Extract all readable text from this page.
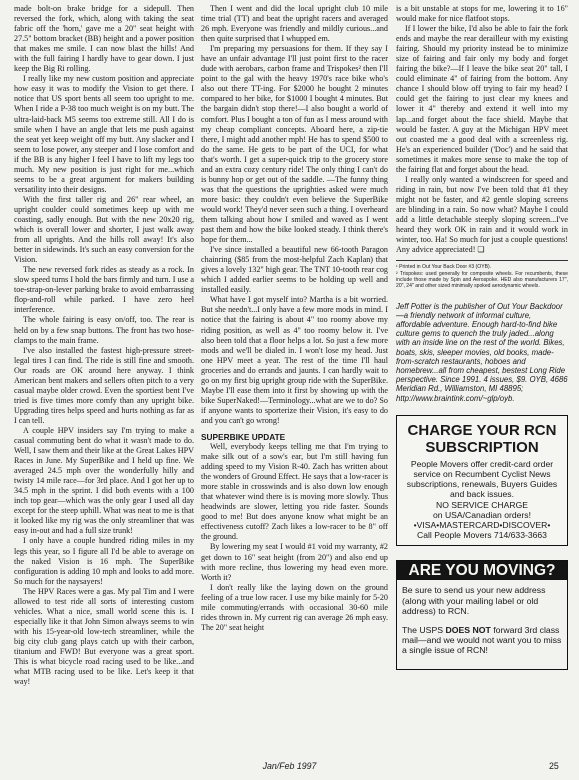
made bolt-on brake bridge for a sidepull. Then reversed the fork, which, along with taking the seat fabric off the 'horn,' gave me a 20" seat height with 27.5" bottom bracket (BB) height and a power position that makes me smile. I can now blast the hills! And with the full fairing I hardly have to gear down. I just keep the Big Ri rolling.

I really like my new custom position and appreciate how easy it was to modify the Vision to get there. I notice that US sport bents all seem too upright to me. When I ride a P-38 too much weight is on my butt. The ultra-laid-back M5 seems too extreme still. All I do is smile when I have an angle that lets me push against the seat yet keep weight off my butt. Any slacker and I seem to lose power, any steeper and I lose comfort and if the BB is any higher I feel I have to lift my legs too much. My new position is just right for me...which seems to be a great argument for makers building versatility into their designs.

With the first taller rig and 26" rear wheel, an upright coulder could sometimes keep up with me coasting, sadly enough. But with the new 20x20 rig, which is overall lower and shorter, I just walk away from all uprights. And the hills roll away! It's also better in sidewinds. It's such an easy conversion for the Vision.

The new reversed fork rides as steady as a rock. In slow speed turns I hold the bars firmly and turn. I use a toe-strap-on-lever parking brake to avoid embarrassing flop-and-roll while parked. I have zero heel interference.

The whole fairing is easy on/off, too. The rear is held on by a few snap buttons. The front has two hose-clamps to the main frame.

I've also installed the fastest high-pressure street-legal tires I can find. The ride is still fine and smooth. Our roads are OK around here anyway. I think American bent makers and sellers often pitch to a very casual maybe older crowd. Even the sportiest bent I've tried is five times more comfy than any upright bike. Upgrading tires helps speed and hurts nothing as far as I can tell.

A couple HPV insiders say I'm trying to make a casual commuting bent do what it wasn't made to do. Well, I saw them and their like at the Great Lakes HPV Races in June. My SuperBike and I held up fine. We averaged 24.5 mph over the wonderfully hilly and twisty 14 mile race—for 3rd place. And I got her up to 34.5 mph in the sprint. I did both events with a 100 inch top gear—which was the only gear I used all day except for the steep uphill. What was neat to me is that it looked like my rig was the only streamliner that was easy in-out and had a full size trunk!

I only have a couple hundred riding miles in my legs this year, so I figure all I'd be able to average on the naked Vision is 16 mph. The SuperBike configuration is adding 10 mph and looks to add more. So much for the naysayers!

The HPV Races were a gas. My pal Tim and I were allowed to test ride all sorts of interesting custom vehicles. What a nice, small world scene this is. I especially like it that John Simon always seems to win with his 15-year-old low-tech streamliner, while the big city club gang plays catch up with their carbon, titanium and FWD! But everyone was a great sport. This is what bicycle road racing used to be like...and what MTB racing used to be like. Let's keep it that way!

Then I went and did the local upright club 10 mile time trial (TT) and beat the upright racers and averaged 26 mph. Everyone was friendly and mildly curious...and then quite surprised that I whupped em.

I'm preparing my persuasions for them. If they say I have an unfair advantage I'll just point first to the racer dude with aerobars, carbon frame and Trispokes² then I'll point to the gal with the heavy 1970's race bike who's also out there TT-ing. For $2000 he bought 2 minutes compared to her bike, for $1000 I bought 4 minutes. But the bargain didn't stop there!—I also bought a world of comfort. Plus I bought a ton of fun as I mess around with my cheap compliant concepts. Aboard here, a zip-tie there, I might add another mph! He has to spend $500 to do the same. He gets to be part of the UCI, for what that's worth. I get a super-quick trip to the grocery store and an extra cozy century ride! The only thing I can't do is bunny hop or get out of the saddle. —The funny thing was that the questions the uprighties asked were much more basic: they couldn't even believe the SuperBike would work! They'd never seen such a thing. I overheard them talking about how I smiled and waved as I went past them and how the bike looked steady. I think there's hope for them...

I've since installed a beautiful new 66-tooth Paragon chainring ($85 from the most-helpful Zach Kaplan) that gives a lovely 132" high gear. The TNT 10-tooth rear cog which I added earlier seems to be holding up well and installed easily.

What have I got myself into? Martha is a bit worried. But she needn't...I only have a few more mods in mind. I notice that the fairing is about 4" too roomy above my riding position, as well as 4" too roomy below it. I've also been told that a floor helps a lot. So just a few more mods and we'll be dialed in. I won't lose my head. Just one HPV meet a year. The rest of the time I'll haul groceries and do errands and jaunts. I can hardly wait to go on my first big upright group ride with the SuperBike. Maybe I'll ease them into it first by showing up with the bike SuperNaked!—Terminology...what are we to do? So if anyone wants to sporterize their Vision, it's easy to do and you can't go wrong!

SUPERBIKE UPDATE

Well, everybody keeps telling me that I'm trying to make silk out of a sow's ear, but I'm still having fun adding speed to my Vision R-40. Zach has written about the wonders of Ground Effect. He says that a low-racer is more stable in crosswinds and is also down low enough that whatever wind there is is moving more slowly. Thus headwinds are slower, letting you ride faster. Sounds good to me! But does anyone know what might be an effectiveness cutoff? Zach likes a low-racer to be 8" off the ground.

By lowering my seat I would #1 void my warranty, #2 get down to 16" seat height (from 20") and also end up with more recline, thus lowering my head even more. Worth it?

I don't really like the laying down on the ground feeling of a true low racer. I use my bike mainly for 5-20 mile commuting/errands with occasional 30-60 mile rides thrown in. My current rig can average 26 mph easy. The 20" seat height

is a bit unstable at stops for me, lowering it to 16" would make for nice flatfoot stops.

If I lower the bike, I'd also be able to fair the fork ends and maybe the rear derailleur with my existing fairing. Should my priority instead be to minimize size of fairing and fair only my body and forget fairing the bike?—If I leave the bike seat 20" tall, I could eliminate 4" of fairing from the bottom. Any chance I should blow off trying to fair my head? I could get the fairing to just clear my knees and lower it 4" thereby and extend it well into my lap...and forget about the face shield. Maybe that would be faster. A guy at the Michigan HPV meet out coasted me a good deal with a screenless rig. He's an experienced builder ('Doc') and he said that sometimes it makes more sense to make the top of the fairing flat and forget about the head.

I really only wanted a windscreen for speed and riding in rain, but now I've been told that #1 they might not be faster, and #2 gentle sloping screens are blinding in a rain. So now what? Maybe I could add a little detachable steeply sloping screen...I've heard they work OK in rain and it would work in winter, too. Ha! So much for just a couple questions! Any advice appreciated! ❏

¹ Printed in Out Your Back Door #3 (OYB).

² Trispokes: used generally for composite wheels. For recumbents, these include those made by Spin and Aerospoke. HED also manufacturers 17", 20", 24" and other sized minimally spoked aerodynamic wheels.

Jeff Potter is the publisher of Out Your Backdoor—a friendly network of informal culture, affordable adventure. Enough hard-to-find bike culture gems to quench the truly jaded...along with an inside line on the rest of the world. Bikes, boats, skis, sleeper movies, old books, made-from-scratch restaurants, hoboes and homebrew...all from cheapest, bestest Long Ride perspective. Since 1991. 4 issues, $9. OYB, 4686 Meridian Rd., Williamston, MI 48895; http://www.braintink.com/~glp/oyb.

CHARGE YOUR RCN
SUBSCRIPTION
People Movers offer credit-card order
service on Recumbent Cyclist News
subscriptions, renewals, Buyers Guides
and back issues.
NO SERVICE CHARGE
on USA/Canadian orders!
•VISA•MASTERCARD•DISCOVER•
Call People Movers 714/633-3663
ARE YOU MOVING?

Be sure to send us your new address (along with your mailing label or old address) to RCN.

The USPS DOES NOT forward 3rd class mail—and we would not want you to miss a single issue of RCN!

Jan/Feb 1997	25
